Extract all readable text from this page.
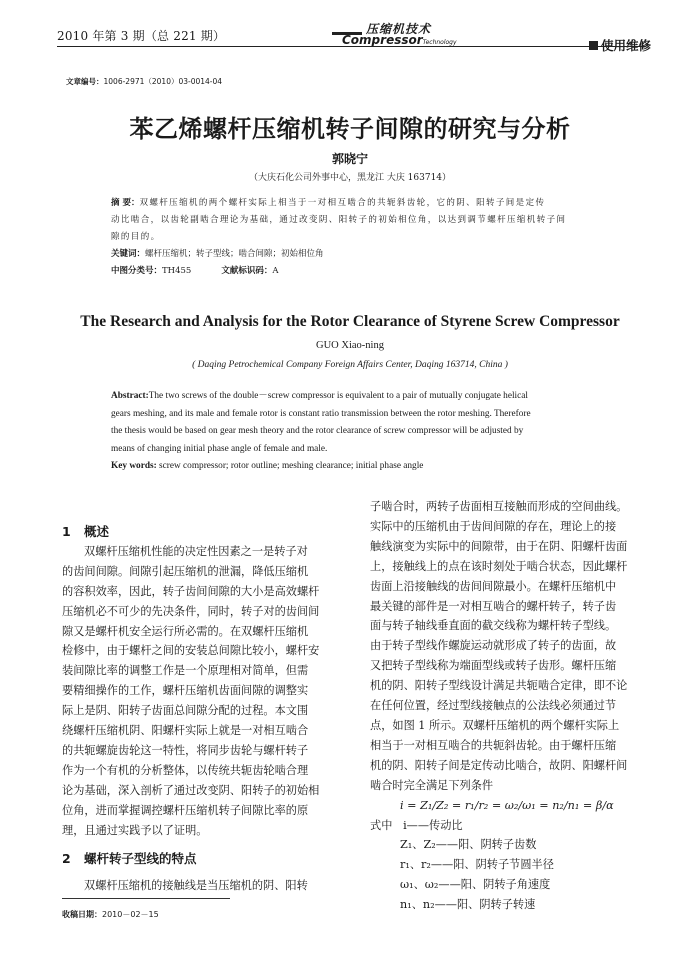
2010 年第 3 期（总 221 期）	压缩机技术
CompressorTechnology	使用维修
文章编号：1006-2971（2010）03-0014-04
苯乙烯螺杆压缩机转子间隙的研究与分析
郭晓宁
（大庆石化公司外事中心，黑龙江 大庆 163714）
摘 要：双螺杆压缩机的两个螺杆实际上相当于一对相互啮合的共轭斜齿轮，它的阴、阳转子间是定传
动比啮合，以齿轮副啮合理论为基础，通过改变阴、阳转子的初始相位角，以达到调节螺杆压缩机转子间
隙的目的。
关键词：螺杆压缩机；转子型线；啮合间隙；初始相位角
中图分类号：TH455	文献标识码：A
The Research and Analysis for the Rotor Clearance of Styrene Screw Compressor
GUO Xiao-ning
( Daqing Petrochemical Company Foreign Affairs Center, Daqing 163714, China )
Abstract:The two screws of the double－screw compressor is equivalent to a pair of mutually conjugate helical
gears meshing, and its male and female rotor is constant ratio transmission between the rotor meshing. Therefore
the thesis would be based on gear mesh theory and the rotor clearance of screw compressor will be adjusted by
means of changing initial phase angle of female and male.
Key words: screw compressor; rotor outline; meshing clearance; initial phase angle
1 概述
双螺杆压缩机性能的决定性因素之一是转子对
的齿间间隙。间隙引起压缩机的泄漏，降低压缩机
的容积效率，因此，转子齿间间隙的大小是高效螺杆
压缩机必不可少的先决条件，同时，转子对的齿间间
隙又是螺杆机安全运行所必需的。在双螺杆压缩机
检修中，由于螺杆之间的安装总间隙比较小，螺杆安
装间隙比率的调整工作是一个原理相对简单，但需
要精细操作的工作，螺杆压缩机齿面间隙的调整实
际上是阴、阳转子齿面总间隙分配的过程。本文围
绕螺杆压缩机阴、阳螺杆实际上就是一对相互啮合
的共轭螺旋齿轮这一特性，将同步齿轮与螺杆转子
作为一个有机的分析整体，以传统共轭齿轮啮合理
论为基础，深入剖析了通过改变阴、阳转子的初始相
位角，进而掌握调控螺杆压缩机转子间隙比率的原
理，且通过实践予以了证明。
2 螺杆转子型线的特点
双螺杆压缩机的接触线是当压缩机的阴、阳转
子啮合时，两转子齿面相互接触而形成的空间曲线。
实际中的压缩机由于齿间间隙的存在，理论上的接
触线演变为实际中的间隙带，由于在阴、阳螺杆齿面
上，接触线上的点在该时刻处于啮合状态，因此螺杆
齿面上沿接触线的齿间间隙最小。在螺杆压缩机中
最关键的部件是一对相互啮合的螺杆转子，转子齿
面与转子轴线垂直面的截交线称为螺杆转子型线。
由于转子型线作螺旋运动就形成了转子的齿面，故
又把转子型线称为端面型线或转子齿形。螺杆压缩
机的阴、阳转子型线设计满足共轭啮合定律，即不论
在任何位置，经过型线接触点的公法线必须通过节
点，如图 1 所示。双螺杆压缩机的两个螺杆实际上
相当于一对相互啮合的共轭斜齿轮。由于螺杆压缩
机的阴、阳转子间是定传动比啮合，故阴、阳螺杆间
啮合时完全满足下列条件
i = Z₁/Z₂ = r₁/r₂ = ω₂/ω₁ = n₂/n₁ = β/α
式中 i——传动比
Z₁、Z₂——阳、阴转子齿数
r₁、r₂——阳、阴转子节圆半径
ω₁、ω₂——阳、阴转子角速度
n₁、n₂——阳、阴转子转速
收稿日期：2010－02－15
